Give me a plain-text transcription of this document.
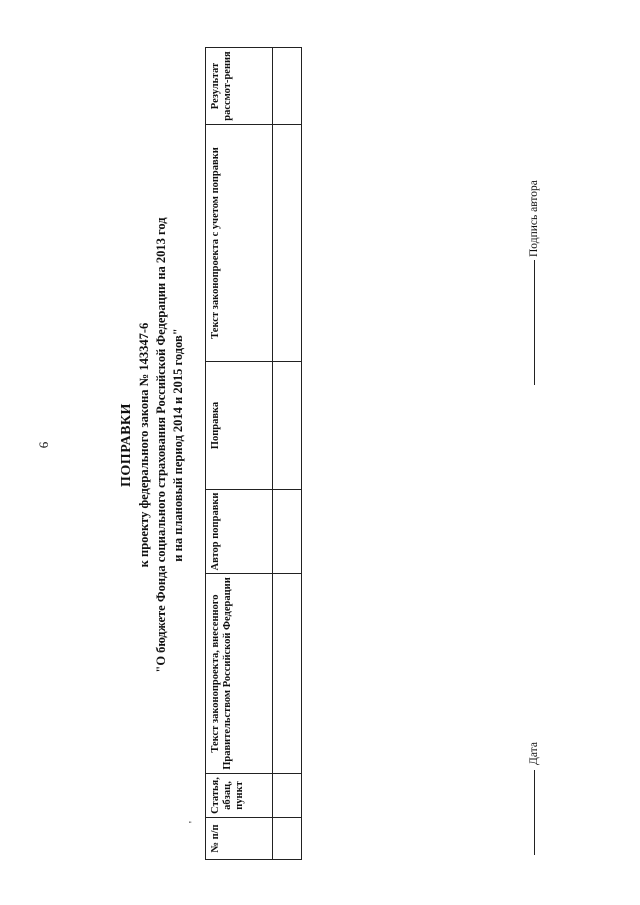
6	ПОПРАВКИ к проекту федерального закона № 143347-6 "О бюджете Фонда социального страхования Российской Федерации на 2013 год и на плановый период 2014 и 2015 годов"
'
№ п/п	Статья, абзац, пункт	Текст законопроекта, внесенного Правительством Российской Федерации	Автор поправки	Поправка	Текст законопроекта с учетом поправки	Результат рассмот-рения

Дата
Подпись автора
